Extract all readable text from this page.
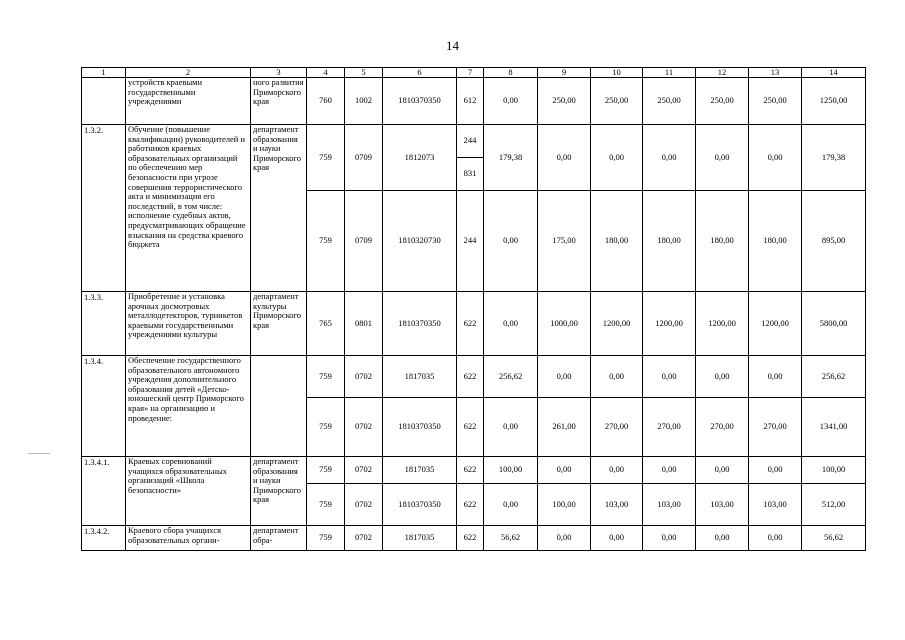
14
1	2	3	4	5	6	7	8	9	10	11	12	13	14
	устройств краевыми государственными учреждениями	ного развития Приморского края	760	1002	1810370350	612	0,00	250,00	250,00	250,00	250,00	250,00	1250,00
1.3.2.	Обучение (повышение квалификации) руководителей и работников краевых образовательных организаций по обеспечению мер безопасности при угрозе совершения террористического акта и минимизация его последствий, в том числе: исполнение судебных актов, предусматривающих обращение взыскания на средства краевого бюджета	департамент образования и науки Приморского края	759	0709	1812073	244	179,38	0,00	0,00	0,00	0,00	0,00	179,38
						831							
			759	0709	1810320730	244	0,00	175,00	180,00	180,00	180,00	180,00	895,00
1.3.3.	Приобретение и установка арочных досмотровых металлодетекторов, турникетов краевыми государственными учреждениями культуры	департамент культуры Приморского края	765	0801	1810370350	622	0,00	1000,00	1200,00	1200,00	1200,00	1200,00	5800,00
1.3.4.	Обеспечение государственного образовательного автономного учреждения дополнительного образования детей «Детско-юношеский центр Приморского края» на организацию и проведение:		759	0702	1817035	622	256,62	0,00	0,00	0,00	0,00	0,00	256,62
			759	0702	1810370350	622	0,00	261,00	270,00	270,00	270,00	270,00	1341,00
1.3.4.1.	Краевых соревнований учащихся образовательных организаций «Школа безопасности»	департамент образования и науки Приморского края	759	0702	1817035	622	100,00	0,00	0,00	0,00	0,00	0,00	100,00
			759	0702	1810370350	622	0,00	100,00	103,00	103,00	103,00	103,00	512,00
1.3.4.2.	Краевого сбора учащихся образовательных органи-	департамент обра-	759	0702	1817035	622	56,62	0,00	0,00	0,00	0,00	0,00	56,62
